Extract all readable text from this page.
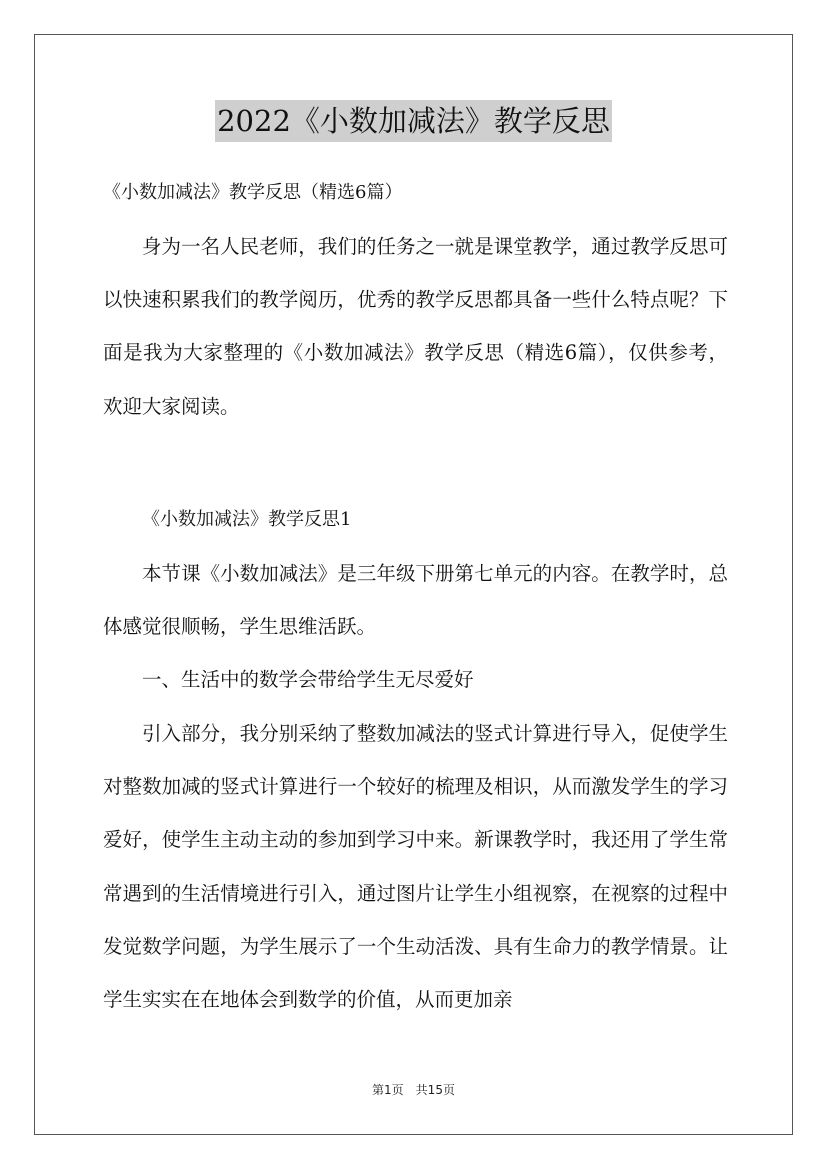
2022《小数加减法》教学反思
《小数加减法》教学反思（精选6篇）

身为一名人民老师，我们的任务之一就是课堂教学，通过教学反思可以快速积累我们的教学阅历，优秀的教学反思都具备一些什么特点呢？下面是我为大家整理的《小数加减法》教学反思（精选6篇），仅供参考，欢迎大家阅读。

《小数加减法》教学反思1

本节课《小数加减法》是三年级下册第七单元的内容。在教学时，总体感觉很顺畅，学生思维活跃。

一、生活中的数学会带给学生无尽爱好

引入部分，我分别采纳了整数加减法的竖式计算进行导入，促使学生对整数加减的竖式计算进行一个较好的梳理及相识，从而激发学生的学习爱好，使学生主动主动的参加到学习中来。新课教学时，我还用了学生常常遇到的生活情境进行引入，通过图片让学生小组视察，在视察的过程中发觉数学问题，为学生展示了一个生动活泼、具有生命力的教学情景。让学生实实在在地体会到数学的价值，从而更加亲

第1页　共15页
